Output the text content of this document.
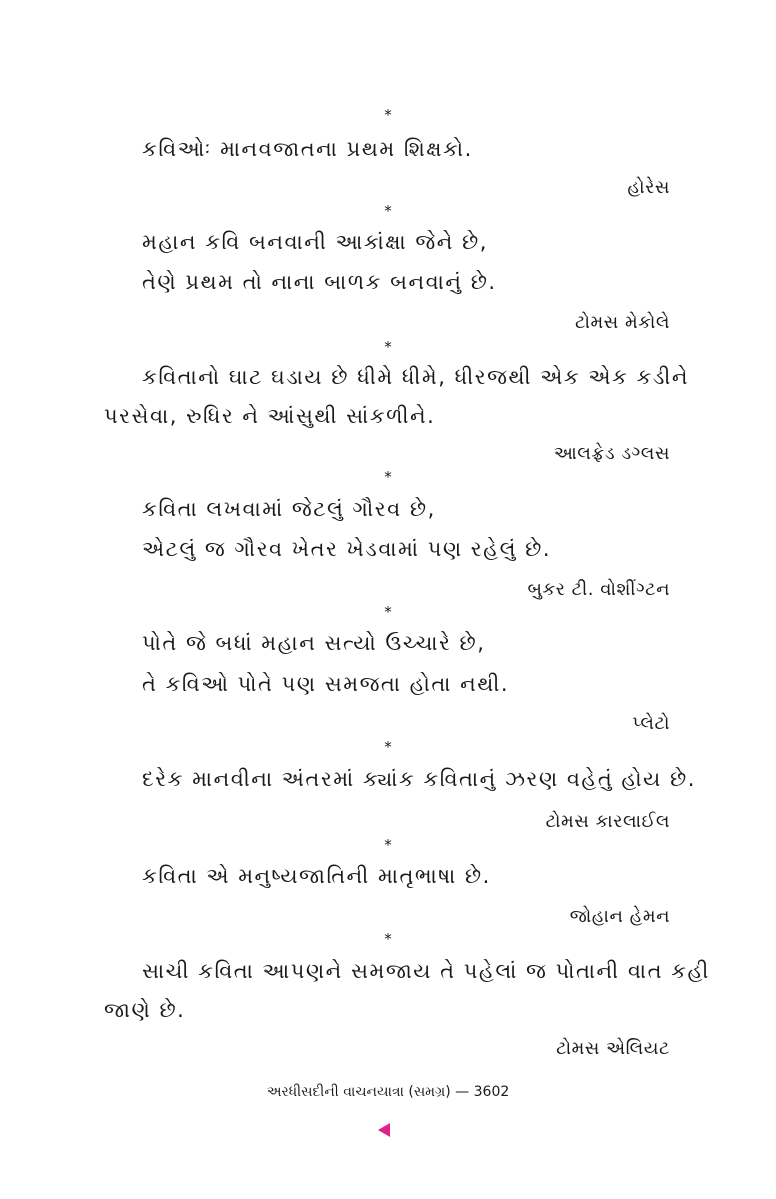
*
કવિઓઃ માનવજાતના પ્રથમ શિક્ષકો.
હોરેસ
*
મહાન કવિ બનવાની આકાંક્ષા જેને છે,
તેણે પ્રથમ તો નાના બાળક બનવાનું છે.
ટોમસ મેકોલે
*
કવિતાનો ઘાટ ઘડાય છે ધીમે ધીમે, ધીરજથી એક એક કડીને
પરસેવા, રુધિર ને આંસુથી સાંકળીને.
આલફ્રેડ ડગ્લસ
*
કવિતા લખવામાં જેટલું ગૌરવ છે,
એટલું જ ગૌરવ ખેતર ખેડવામાં પણ રહેલું છે.
બુકર ટી. વોશીંગ્ટન
*
પોતે જે બધાં મહાન સત્યો ઉચ્ચારે છે,
તે કવિઓ પોતે પણ સમજતા હોતા નથી.
પ્લેટો
*
દરેક માનવીના અંતરમાં ક્યાંક કવિતાનું ઝરણ વહેતું હોય છે.
ટોમસ કારલાઈલ
*
કવિતા એ મનુષ્યજાતિની માતૃભાષા છે.
જોહાન હેમન
*
સાચી કવિતા આપણને સમજાય તે પહેલાં જ પોતાની વાત કહી
જાણે છે.
ટોમસ એલિયટ
અરધીસદીની વાચનયાત્રા (સમગ્ર) — 3602
